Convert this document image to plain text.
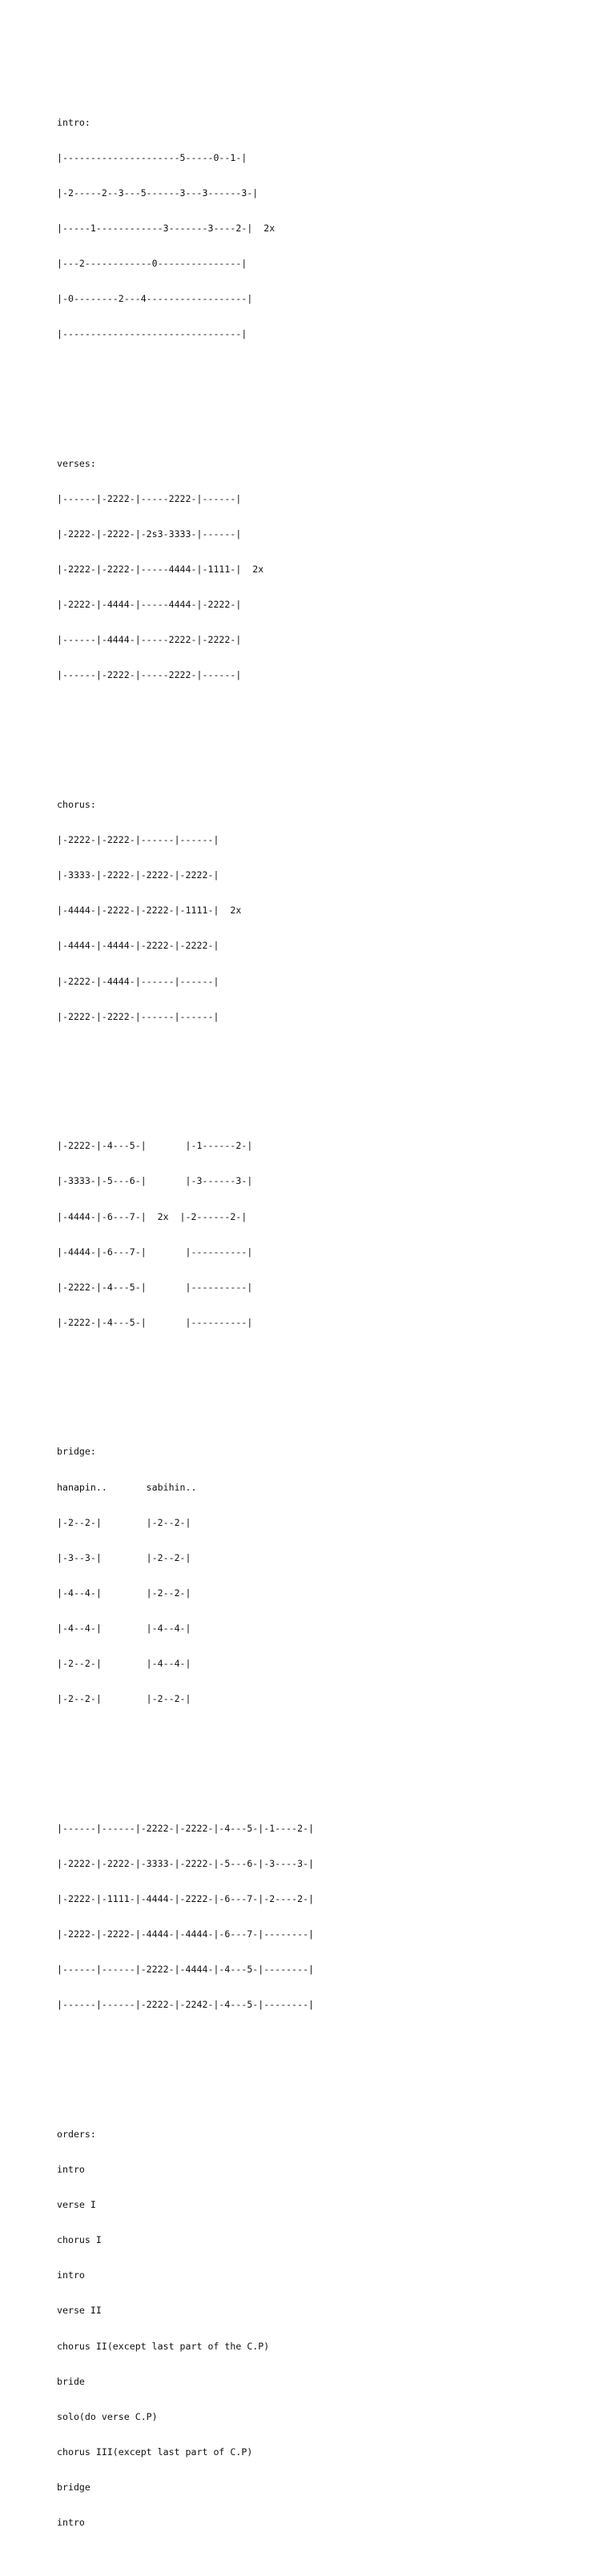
intro:

|---------------------5-----0--1-|

|-2-----2--3---5------3---3------3-|

|-----1------------3-------3----2-|  2x

|---2------------0---------------|

|-0--------2---4------------------|

|--------------------------------|

verses:

|------|-2222-|-----2222-|------|

|-2222-|-2222-|-2s3-3333-|------|

|-2222-|-2222-|-----4444-|-1111-|  2x

|-2222-|-4444-|-----4444-|-2222-|

|------|-4444-|-----2222-|-2222-|

|------|-2222-|-----2222-|------|

chorus:

|-2222-|-2222-|------|------|

|-3333-|-2222-|-2222-|-2222-|

|-4444-|-2222-|-2222-|-1111-|  2x

|-4444-|-4444-|-2222-|-2222-|

|-2222-|-4444-|------|------|

|-2222-|-2222-|------|------|

|-2222-|-4---5-|       |-1------2-|

|-3333-|-5---6-|       |-3------3-|

|-4444-|-6---7-|  2x  |-2------2-|

|-4444-|-6---7-|       |----------|

|-2222-|-4---5-|       |----------|

|-2222-|-4---5-|       |----------|

bridge:

hanapin..       sabihin..

|-2--2-|        |-2--2-|

|-3--3-|        |-2--2-|

|-4--4-|        |-2--2-|

|-4--4-|        |-4--4-|

|-2--2-|        |-4--4-|

|-2--2-|        |-2--2-|

|------|------|-2222-|-2222-|-4---5-|-1----2-|

|-2222-|-2222-|-3333-|-2222-|-5---6-|-3----3-|

|-2222-|-1111-|-4444-|-2222-|-6---7-|-2----2-|

|-2222-|-2222-|-4444-|-4444-|-6---7-|--------|

|------|------|-2222-|-4444-|-4---5-|--------|

|------|------|-2222-|-2242-|-4---5-|--------|

orders:

intro

verse I

chorus I

intro

verse II

chorus II(except last part of the C.P)

bride

solo(do verse C.P)

chorus III(except last part of C.P)

bridge

intro
